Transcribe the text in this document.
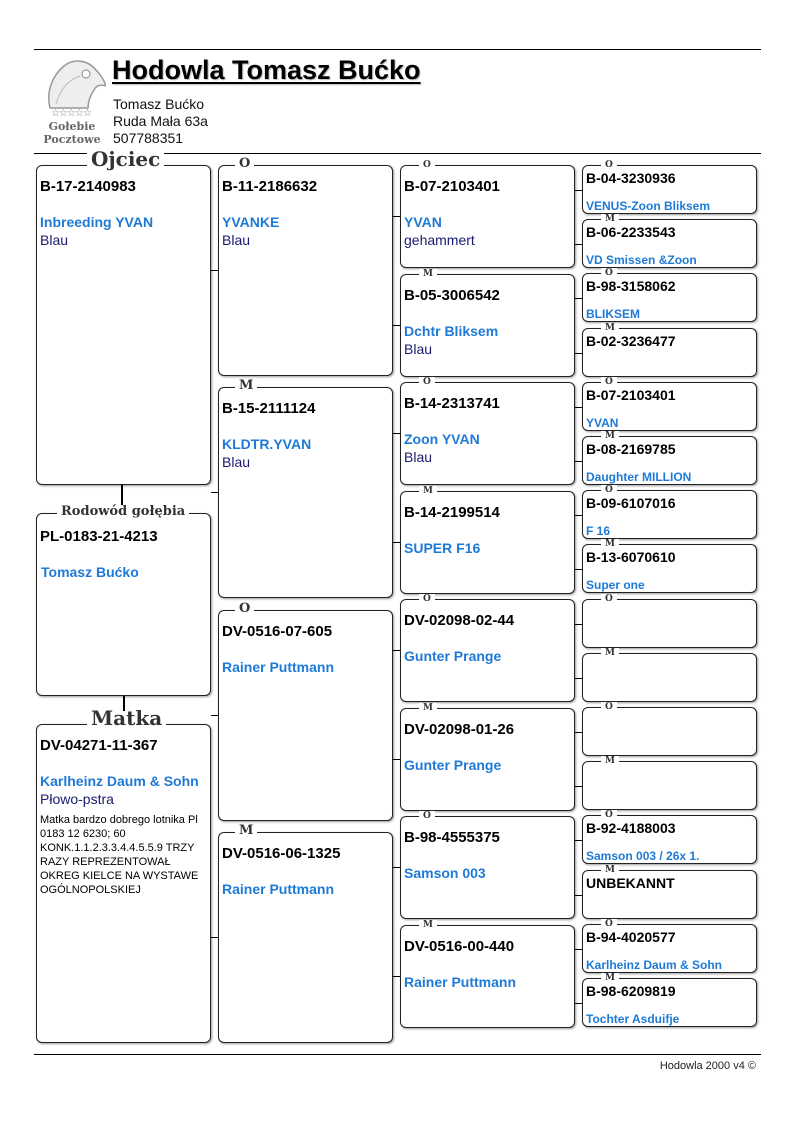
☆☆☆☆☆
Gołebie
Pocztowe
Hodowla Tomasz Bućko
Tomasz Bućko
Ruda Mała 63a
507788351
Ojciec
B-17-2140983
Inbreeding YVAN
Blau
Rodowód gołębia
PL-0183-21-4213
Tomasz Bućko
Matka
DV-04271-11-367
Karlheinz Daum & Sohn
Płowo-pstra
Matka bardzo dobrego lotnika Pl 0183 12 6230; 60 KONK.1.1.2.3.3.4.4.5.5.9 TRZY RAZY REPREZENTOWAŁ OKREG KIELCE NA WYSTAWE OGÓLNOPOLSKIEJ
O
B-11-2186632
YVANKE
Blau
M
B-15-2111124
KLDTR.YVAN
Blau
O
DV-0516-07-605
Rainer Puttmann
M
DV-0516-06-1325
Rainer Puttmann
O
B-07-2103401
YVAN
gehammert
M
B-05-3006542
Dchtr Bliksem
Blau
O
B-14-2313741
Zoon YVAN
Blau
M
B-14-2199514
SUPER F16
O
DV-02098-02-44
Gunter Prange
M
DV-02098-01-26
Gunter Prange
O
B-98-4555375
Samson 003
M
DV-0516-00-440
Rainer Puttmann
O
B-04-3230936
VENUS-Zoon Bliksem
M
B-06-2233543
VD Smissen &Zoon
O
B-98-3158062
BLIKSEM
M
B-02-3236477
O
B-07-2103401
YVAN
M
B-08-2169785
Daughter MILLION
O
B-09-6107016
F 16
M
B-13-6070610
Super one
O
M
O
M
O
B-92-4188003
Samson 003 / 26x 1.
M
UNBEKANNT
O
B-94-4020577
Karlheinz Daum & Sohn
M
B-98-6209819
Tochter Asduifje
Hodowla 2000 v4 ©
